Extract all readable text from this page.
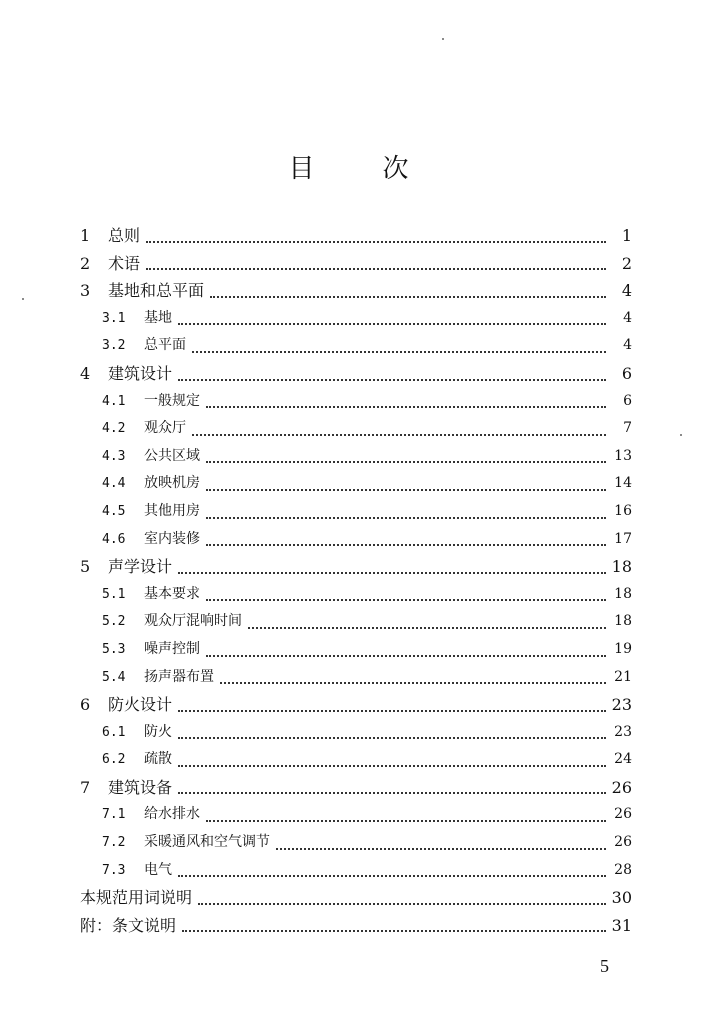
目 次
1	总则	1
2	术语	2
3	基地和总平面	4
3.1	基地	4
3.2	总平面	4
4	建筑设计	6
4.1	一般规定	6
4.2	观众厅	7
4.3	公共区域	13
4.4	放映机房	14
4.5	其他用房	16
4.6	室内装修	17
5	声学设计	18
5.1	基本要求	18
5.2	观众厅混响时间	18
5.3	噪声控制	19
5.4	扬声器布置	21
6	防火设计	23
6.1	防火	23
6.2	疏散	24
7	建筑设备	26
7.1	给水排水	26
7.2	采暖通风和空气调节	26
7.3	电气	28
本规范用词说明	30
附：条文说明	31
5
